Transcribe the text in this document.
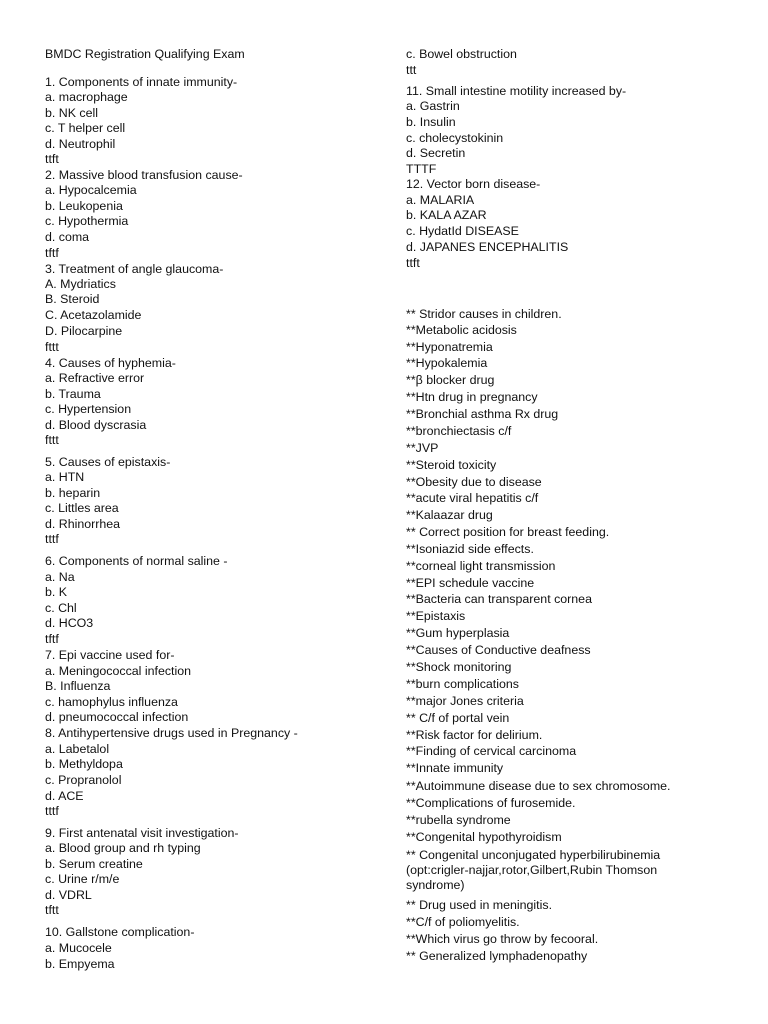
BMDC Registration Qualifying Exam
1. Components of innate immunity-
a. macrophage
b. NK cell
c. T helper cell
d. Neutrophil
ttft
2. Massive blood transfusion cause-
a. Hypocalcemia
b. Leukopenia
c. Hypothermia
d. coma
tftf
3. Treatment of angle glaucoma-
A. Mydriatics
B. Steroid
C. Acetazolamide
D. Pilocarpine
fttt
4. Causes of hyphemia-
a. Refractive error
b. Trauma
c. Hypertension
d. Blood dyscrasia
fttt
5. Causes of epistaxis-
a. HTN
b. heparin
c. Littles area
d. Rhinorrhea
tttf
6. Components of normal saline -
a. Na
b. K
c. Chl
d. HCO3
tftf
7. Epi vaccine used for-
a. Meningococcal infection
B. Influenza
c. hamophylus influenza
d. pneumococcal infection
8. Antihypertensive drugs used in Pregnancy -
a. Labetalol
b. Methyldopa
c. Propranolol
d. ACE
tttf
9. First antenatal visit investigation-
a. Blood group and rh typing
b. Serum creatine
c. Urine r/m/e
d. VDRL
tftt
10. Gallstone complication-
a. Mucocele
b. Empyema
c. Bowel obstruction
ttt
11. Small intestine motility increased by-
a. Gastrin
b. Insulin
c. cholecystokinin
d. Secretin
TTTF
12. Vector born disease-
a. MALARIA
b. KALA AZAR
c. HydatId DISEASE
d. JAPANES ENCEPHALITIS
ttft
** Stridor causes in children.
**Metabolic acidosis
**Hyponatremia
**Hypokalemia
**β blocker drug
**Htn drug in pregnancy
**Bronchial asthma Rx drug
**bronchiectasis c/f
**JVP
**Steroid toxicity
**Obesity due to disease
**acute viral hepatitis c/f
**Kalaazar drug
** Correct position for breast feeding.
**Isoniazid side effects.
**corneal light transmission
**EPI schedule vaccine
**Bacteria can transparent cornea
**Epistaxis
**Gum hyperplasia
**Causes of Conductive deafness
**Shock monitoring
**burn complications
**major Jones criteria
** C/f of portal vein
**Risk factor for delirium.
**Finding of cervical carcinoma
**Innate immunity
**Autoimmune disease due to sex chromosome.
**Complications of furosemide.
**rubella syndrome
**Congenital hypothyroidism
** Congenital unconjugated hyperbilirubinemia (opt:crigler-najjar,rotor,Gilbert,Rubin Thomson syndrome)
** Drug used in meningitis.
**C/f of poliomyelitis.
**Which virus go throw by fecooral.
** Generalized lymphadenopathy
